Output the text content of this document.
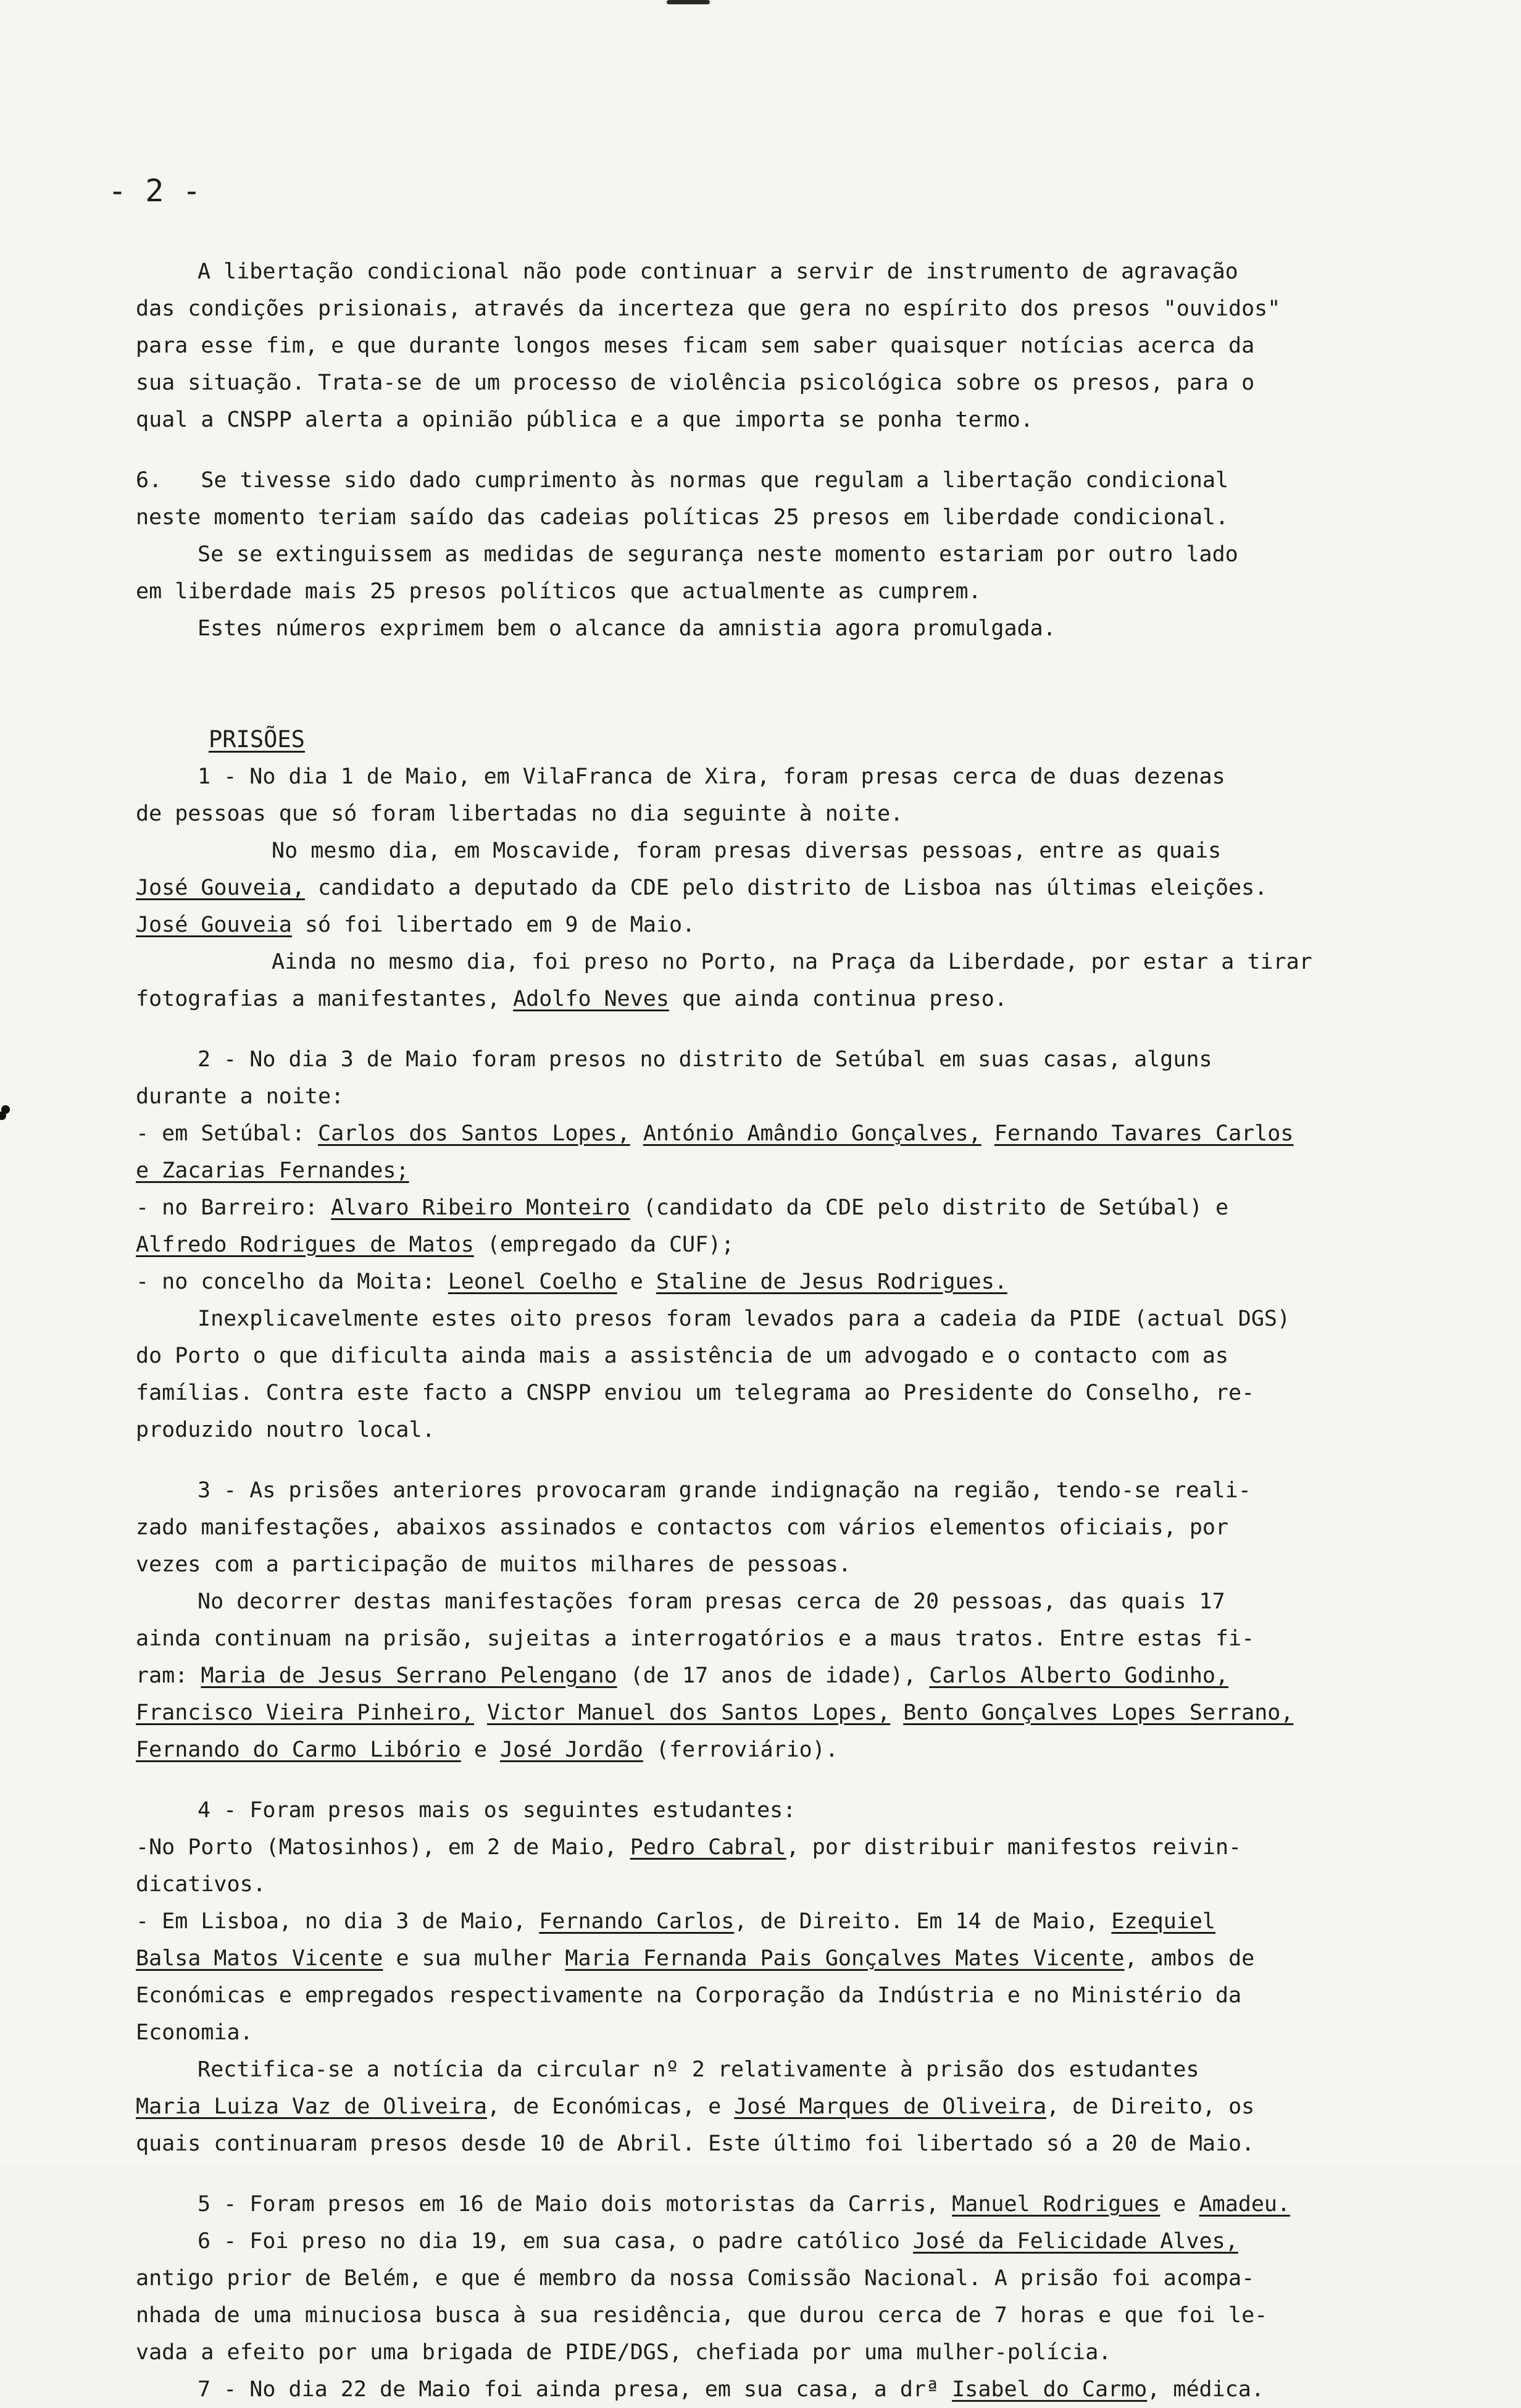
- 2 -

A libertação condicional não pode continuar a servir de instrumento de agravação

das condições prisionais, através da incerteza que gera no espírito dos presos "ouvidos"

para esse fim, e que durante longos meses ficam sem saber quaisquer notícias acerca da

sua situação. Trata-se de um processo de violência psicológica sobre os presos, para o

qual a CNSPP alerta a opinião pública e a que importa se ponha termo.

6.   Se tivesse sido dado cumprimento às normas que regulam a libertação condicional

neste momento teriam saído das cadeias políticas 25 presos em liberdade condicional.

Se se extinguissem as medidas de segurança neste momento estariam por outro lado

em liberdade mais 25 presos políticos que actualmente as cumprem.

Estes números exprimem bem o alcance da amnistia agora promulgada.

PRISÕES

1 - No dia 1 de Maio, em VilaFranca de Xira, foram presas cerca de duas dezenas

de pessoas que só foram libertadas no dia seguinte à noite.

No mesmo dia, em Moscavide, foram presas diversas pessoas, entre as quais

José Gouveia, candidato a deputado da CDE pelo distrito de Lisboa nas últimas eleições.

José Gouveia só foi libertado em 9 de Maio.

Ainda no mesmo dia, foi preso no Porto, na Praça da Liberdade, por estar a tirar

fotografias a manifestantes, Adolfo Neves que ainda continua preso.

2 - No dia 3 de Maio foram presos no distrito de Setúbal em suas casas, alguns

durante a noite:

- em Setúbal: Carlos dos Santos Lopes, António Amândio Gonçalves, Fernando Tavares Carlos

e Zacarias Fernandes;

- no Barreiro: Alvaro Ribeiro Monteiro (candidato da CDE pelo distrito de Setúbal) e

Alfredo Rodrigues de Matos (empregado da CUF);

- no concelho da Moita: Leonel Coelho e Staline de Jesus Rodrigues.

Inexplicavelmente estes oito presos foram levados para a cadeia da PIDE (actual DGS)

do Porto o que dificulta ainda mais a assistência de um advogado e o contacto com as

famílias. Contra este facto a CNSPP enviou um telegrama ao Presidente do Conselho, re-

produzido noutro local.

3 - As prisões anteriores provocaram grande indignação na região, tendo-se reali-

zado manifestações, abaixos assinados e contactos com vários elementos oficiais, por

vezes com a participação de muitos milhares de pessoas.

No decorrer destas manifestações foram presas cerca de 20 pessoas, das quais 17

ainda continuam na prisão, sujeitas a interrogatórios e a maus tratos. Entre estas fi-

ram: Maria de Jesus Serrano Pelengano (de 17 anos de idade), Carlos Alberto Godinho,

Francisco Vieira Pinheiro, Victor Manuel dos Santos Lopes, Bento Gonçalves Lopes Serrano,

Fernando do Carmo Libório e José Jordão (ferroviário).

4 - Foram presos mais os seguintes estudantes:

-No Porto (Matosinhos), em 2 de Maio, Pedro Cabral, por distribuir manifestos reivin-

dicativos.

- Em Lisboa, no dia 3 de Maio, Fernando Carlos, de Direito. Em 14 de Maio, Ezequiel

Balsa Matos Vicente e sua mulher Maria Fernanda Pais Gonçalves Mates Vicente, ambos de

Económicas e empregados respectivamente na Corporação da Indústria e no Ministério da

Economia.

Rectifica-se a notícia da circular nº 2 relativamente à prisão dos estudantes

Maria Luiza Vaz de Oliveira, de Económicas, e José Marques de Oliveira, de Direito, os

quais continuaram presos desde 10 de Abril. Este último foi libertado só a 20 de Maio.

5 - Foram presos em 16 de Maio dois motoristas da Carris, Manuel Rodrigues e Amadeu.

6 - Foi preso no dia 19, em sua casa, o padre católico José da Felicidade Alves,

antigo prior de Belém, e que é membro da nossa Comissão Nacional. A prisão foi acompa-

nhada de uma minuciosa busca à sua residência, que durou cerca de 7 horas e que foi le-

vada a efeito por uma brigada de PIDE/DGS, chefiada por uma mulher-polícia.

7 - No dia 22 de Maio foi ainda presa, em sua casa, a drª Isabel do Carmo, médica.
